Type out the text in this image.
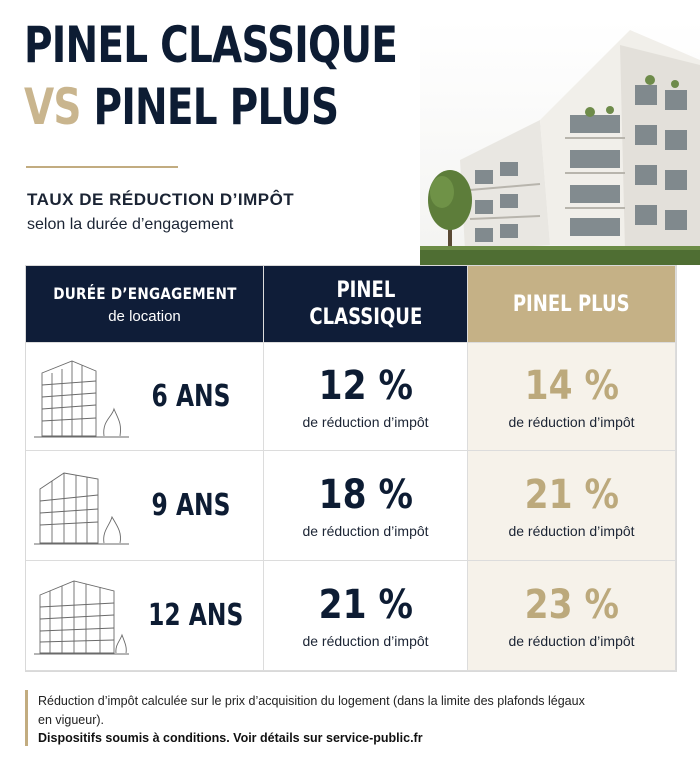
PINEL CLASSIQUE
VS PINEL PLUS
TAUX DE RÉDUCTION D’IMPÔT
selon la durée d’engagement
DURÉE D’ENGAGEMENT
de location
PINEL
CLASSIQUE
PINEL PLUS
6 ANS 12 %
de réduction d’impôt
14 %
de réduction d’impôt
9 ANS 18 %
de réduction d’impôt
21 %
de réduction d’impôt
12 ANS 21 %
de réduction d’impôt
23 %
de réduction d’impôt
Réduction d’impôt calculée sur le prix d’acquisition du logement (dans la limite des plafonds légaux en vigueur).
Dispositifs soumis à conditions. Voir détails sur service-public.fr
